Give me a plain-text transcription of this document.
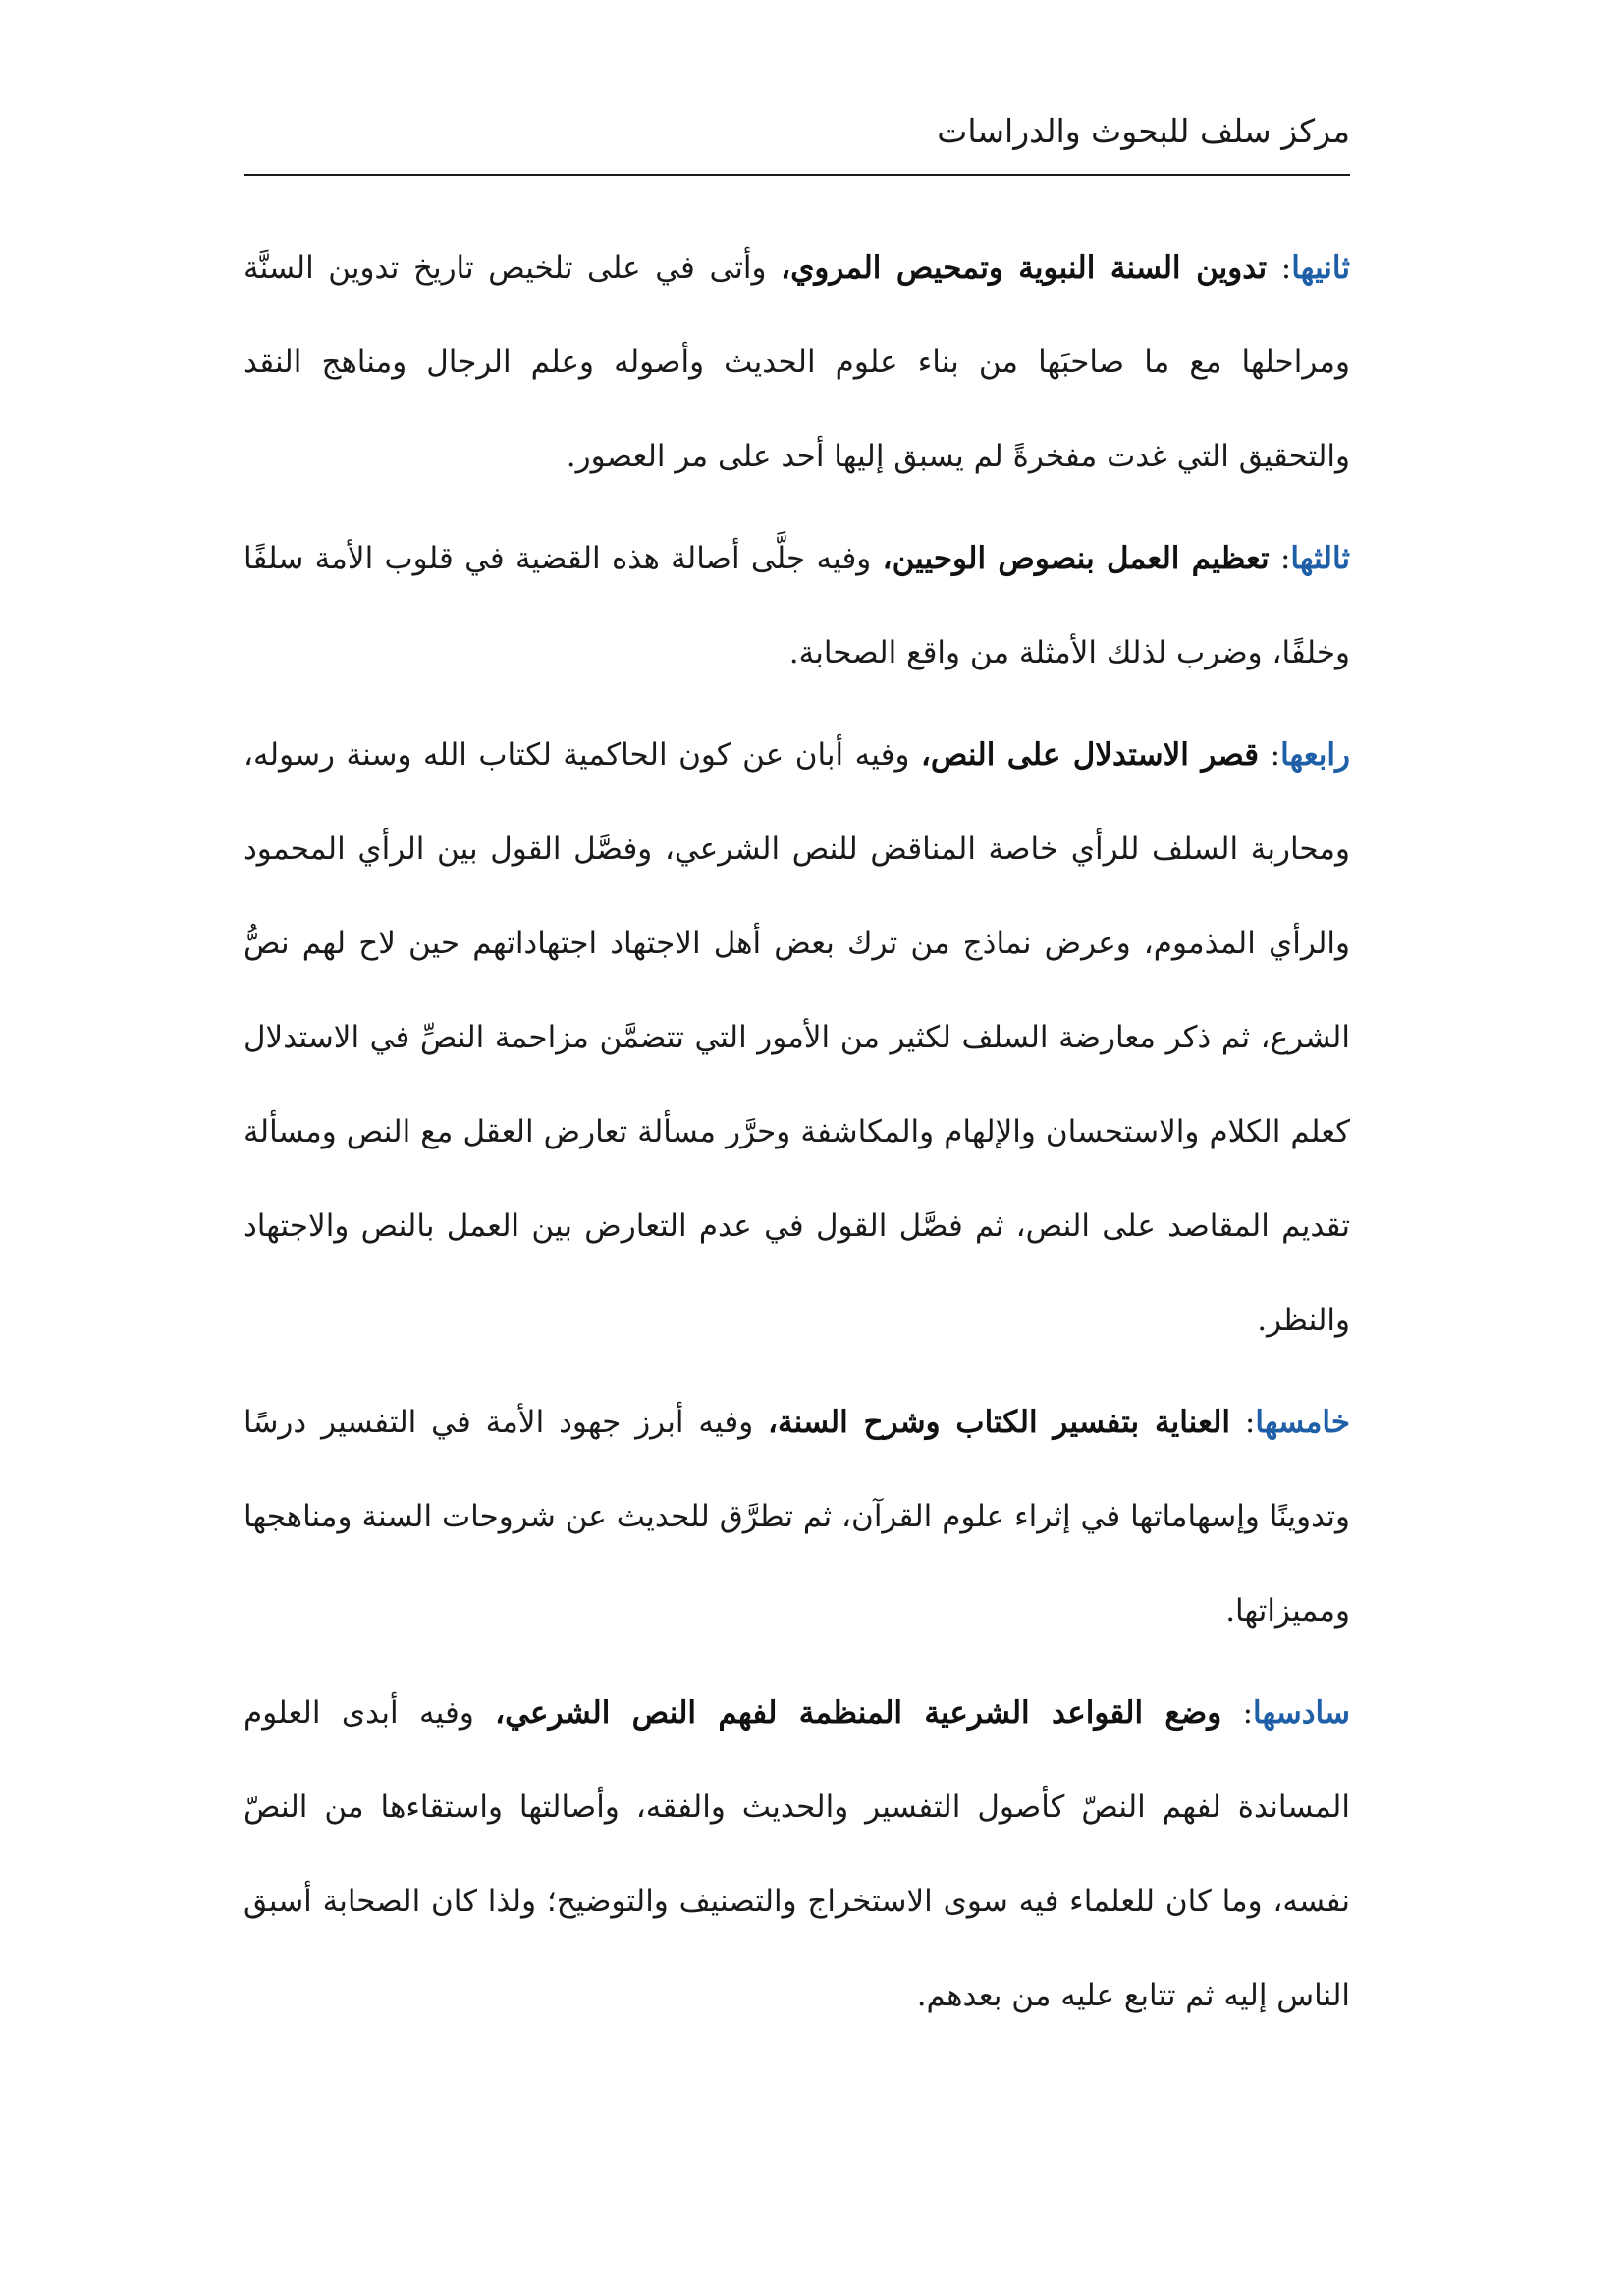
مركز سلف للبحوث والدراسات

ثانيها: تدوين السنة النبوية وتمحيص المروي، وأتى في على تلخيص تاريخ تدوين السنَّة ومراحلها مع ما صاحبَها من بناء علوم الحديث وأصوله وعلم الرجال ومناهج النقد والتحقيق التي غدت مفخرةً لم يسبق إليها أحد على مر العصور.

ثالثها: تعظيم العمل بنصوص الوحيين، وفيه جلَّى أصالة هذه القضية في قلوب الأمة سلفًا وخلفًا، وضرب لذلك الأمثلة من واقع الصحابة.

رابعها: قصر الاستدلال على النص، وفيه أبان عن كون الحاكمية لكتاب الله وسنة رسوله، ومحاربة السلف للرأي خاصة المناقض للنص الشرعي، وفصَّل القول بين الرأي المحمود والرأي المذموم، وعرض نماذج من ترك بعض أهل الاجتهاد اجتهاداتهم حين لاح لهم نصُّ الشرع، ثم ذكر معارضة السلف لكثير من الأمور التي تتضمَّن مزاحمة النصِّ في الاستدلال كعلم الكلام والاستحسان والإلهام والمكاشفة وحرَّر مسألة تعارض العقل مع النص ومسألة تقديم المقاصد على النص، ثم فصَّل القول في عدم التعارض بين العمل بالنص والاجتهاد والنظر.

خامسها: العناية بتفسير الكتاب وشرح السنة، وفيه أبرز جهود الأمة في التفسير درسًا وتدوينًا وإسهاماتها في إثراء علوم القرآن، ثم تطرَّق للحديث عن شروحات السنة ومناهجها ومميزاتها.

سادسها: وضع القواعد الشرعية المنظمة لفهم النص الشرعي، وفيه أبدى العلوم المساندة لفهم النصّ كأصول التفسير والحديث والفقه، وأصالتها واستقاءها من النصّ نفسه، وما كان للعلماء فيه سوى الاستخراج والتصنيف والتوضيح؛ ولذا كان الصحابة أسبق الناس إليه ثم تتابع عليه من بعدهم.
